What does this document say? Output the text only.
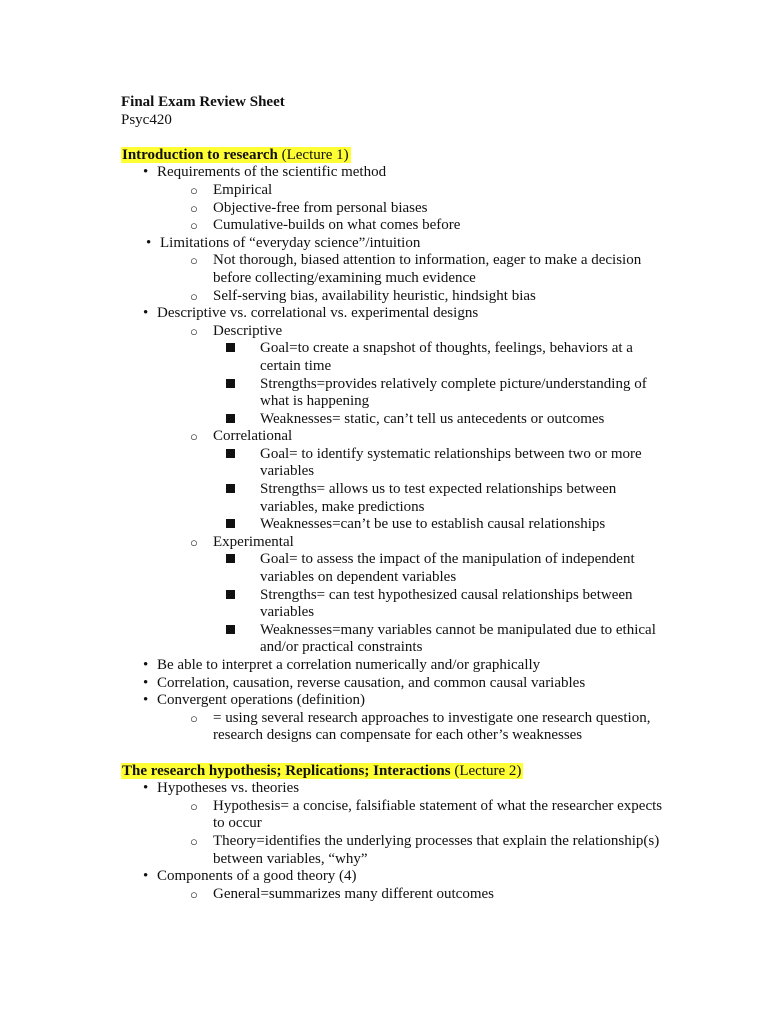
Final Exam Review Sheet
Psyc420
Introduction to research (Lecture 1)
• Requirements of the scientific method
○ Empirical
○ Objective-free from personal biases
○ Cumulative-builds on what comes before
• Limitations of “everyday science”/intuition
○ Not thorough, biased attention to information, eager to make a decision before collecting/examining much evidence
○ Self-serving bias, availability heuristic, hindsight bias
• Descriptive vs. correlational vs. experimental designs
○ Descriptive
Goal=to create a snapshot of thoughts, feelings, behaviors at a certain time
Strengths=provides relatively complete picture/understanding of what is happening
Weaknesses= static, can’t tell us antecedents or outcomes
○ Correlational
Goal= to identify systematic relationships between two or more variables
Strengths= allows us to test expected relationships between variables, make predictions
Weaknesses=can’t be use to establish causal relationships
○ Experimental
Goal= to assess the impact of the manipulation of independent variables on dependent variables
Strengths= can test hypothesized causal relationships between variables
Weaknesses=many variables cannot be manipulated due to ethical and/or practical constraints
• Be able to interpret a correlation numerically and/or graphically
• Correlation, causation, reverse causation, and common causal variables
• Convergent operations (definition)
○ = using several research approaches to investigate one research question, research designs can compensate for each other’s weaknesses
The research hypothesis; Replications; Interactions (Lecture 2)
• Hypotheses vs. theories
○ Hypothesis= a concise, falsifiable statement of what the researcher expects to occur
○ Theory=identifies the underlying processes that explain the relationship(s) between variables, “why”
• Components of a good theory (4)
○ General=summarizes many different outcomes
